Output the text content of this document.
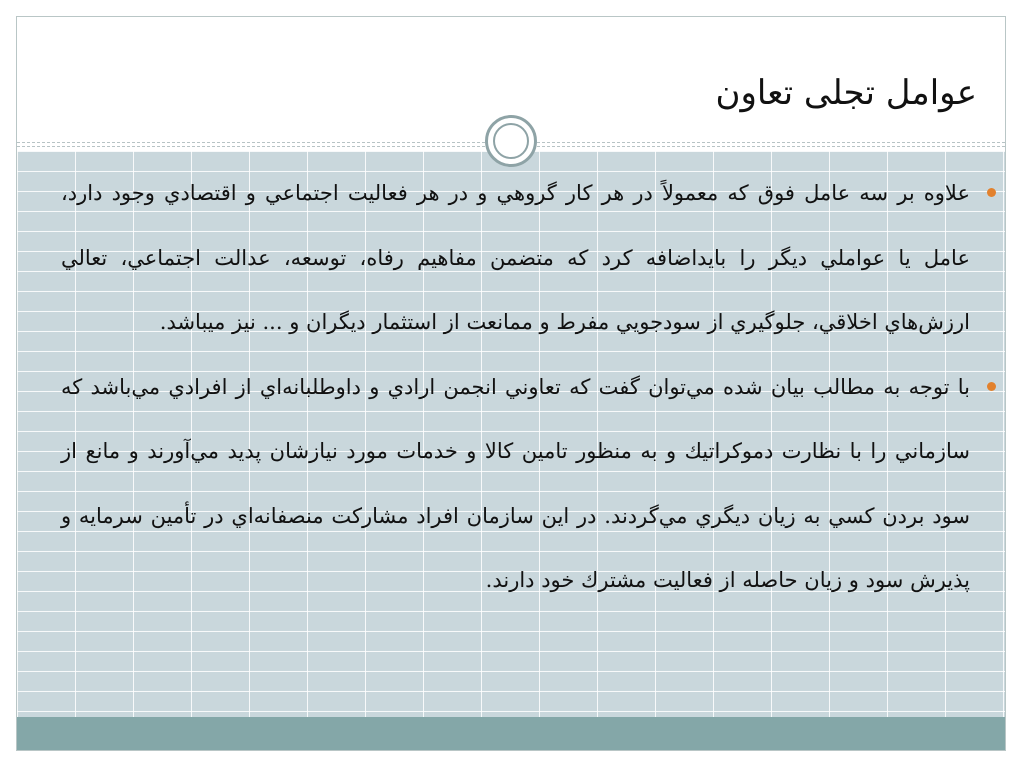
عوامل تجلی تعاون
علاوه بر سه عامل فوق كه معمولاً در هر كار گروهي و در هر فعاليت اجتماعي و اقتصادي وجود دارد، عامل يا عواملي ديگر را بايداضافه كرد كه متضمن مفاهيم رفاه، توسعه، عدالت اجتماعي، تعالي ارزش‌هاي اخلاقي، جلوگيري از سودجويي مفرط و ممانعت از استثمار ديگران و ... نيز ميباشد.
با توجه به مطالب بيان شده مي‌توان گفت كه تعاوني انجمن ارادي و داوطلبانه‌اي از افرادي مي‌باشد كه سازماني را با نظارت دموكراتيك و به منظور تامين كالا و خدمات مورد نيازشان پديد مي‌آورند و مانع از سود بردن كسي به زيان ديگري مي‌گردند. در اين سازمان افراد مشاركت منصفانه‌اي در تأمين سرمايه و پذيرش سود و زيان حاصله از فعاليت مشترك خود دارند.
